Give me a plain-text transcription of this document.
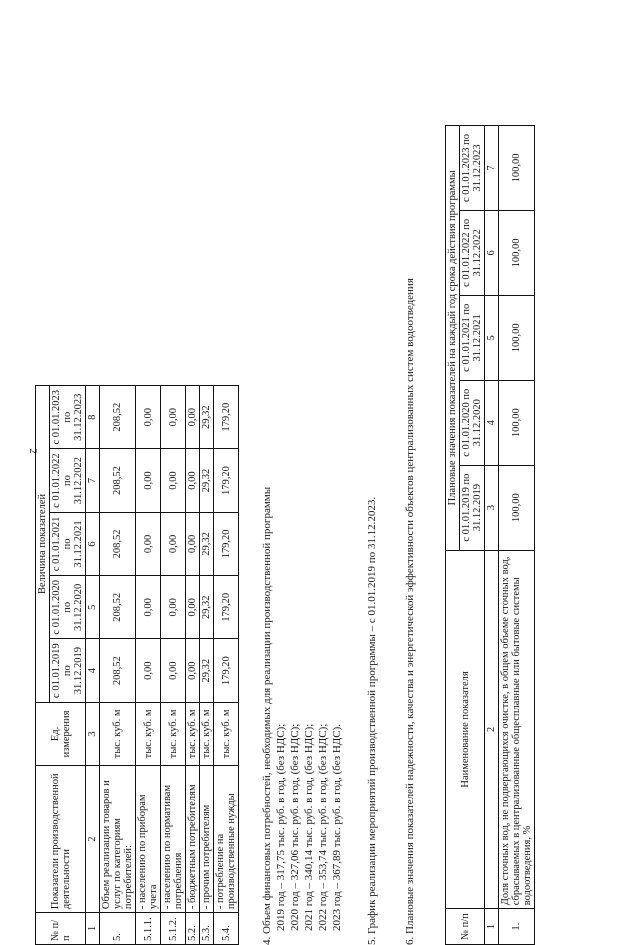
2
№ п/п	Показатели производственной деятельности	Ед. измерения	Величина показателей				
			с 01.01.2019 по 31.12.2019	с 01.01.2020 по 31.12.2020	с 01.01.2021 по 31.12.2021	с 01.01.2022 по 31.12.2022	с 01.01.2023 по 31.12.2023
1	2	3	4	5	6	7	8
5.	Объем реализации товаров и услуг по категориям потребителей:	тыс. куб. м	208,52	208,52	208,52	208,52	208,52
5.1.1.	- населению по приборам учета	тыс. куб. м	0,00	0,00	0,00	0,00	0,00
5.1.2.	- населению по нормативам потребления	тыс. куб. м	0,00	0,00	0,00	0,00	0,00
5.2.	- бюджетным потребителям	тыс. куб. м	0,00	0,00	0,00	0,00	0,00
5.3.	- прочим потребителям	тыс. куб. м	29,32	29,32	29,32	29,32	29,32
5.4.	- потребление на производственные нужды	тыс. куб. м	179,20	179,20	179,20	179,20	179,20

4. Объем финансовых потребностей, необходимых для реализации производственной программы 2019 год – 317,75 тыс. руб. в год, (без НДС); 2020 год – 327,06 тыс. руб. в год, (без НДС); 2021 год – 340,14 тыс. руб. в год, (без НДС); 2022 год – 353,74 тыс. руб. в год, (без НДС); 2023 год – 367,89 тыс. руб. в год, (без НДС). 5. График реализации мероприятий производственной программы – с 01.01.2019 по 31.12.2023. 6. Плановые значения показателей надежности, качества и энергетической эффективности объектов централизованных систем водоотведения	№ п/п	Наименование показателя	Плановые значения показателей на каждый год срока действия программы				
		с 01.01.2019 по 31.12.2019	с 01.01.2020 по 31.12.2020	с 01.01.2021 по 31.12.2021	с 01.01.2022 по 31.12.2022	с 01.01.2023 по 31.12.2023
1	2	3	4	5	6	7
1.	Доля сточных вод, не подвергающихся очистке, в общем объеме сточных вод, сбрасываемых в централизованные общесплавные или бытовые системы водоотведения, %	100,00	100,00	100,00	100,00	100,00
